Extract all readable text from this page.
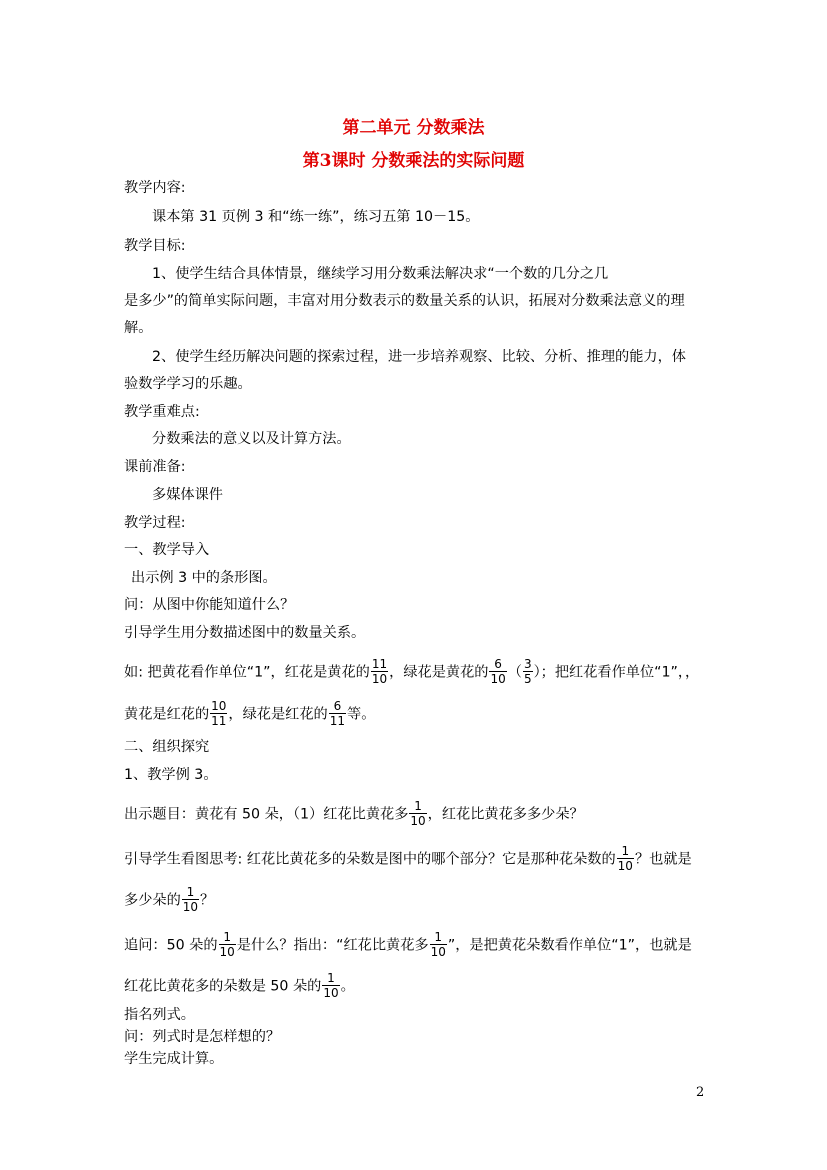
第二单元 分数乘法
第3课时 分数乘法的实际问题
教学内容:
课本第 31 页例 3 和“练一练”，练习五第 10－15。
教学目标:
1、使学生结合具体情景，继续学习用分数乘法解决求“一个数的几分之几
是多少”的简单实际问题，丰富对用分数表示的数量关系的认识，拓展对分数乘法意义的理
解。
2、使学生经历解决问题的探索过程，进一步培养观察、比较、分析、推理的能力，体
验数学学习的乐趣。
教学重难点:
分数乘法的意义以及计算方法。
课前准备:
多媒体课件
教学过程:
一、教学导入
出示例 3 中的条形图。
问：从图中你能知道什么？
引导学生用分数描述图中的数量关系。
如: 把黄花看作单位“1”，红花是黄花的 $\frac{11}{10}$ ，绿花是黄花的 $\frac{6}{10}$ （ $\frac{3}{5}$ ）；把红花看作单位“1”，，
黄花是红花的 $\frac{10}{11}$ ，绿花是红花的 $\frac{6}{11}$ 等。
二、组织探究
1、教学例 3。
出示题目：黄花有 50 朵，（1）红花比黄花多 $\frac{1}{10}$ ，红花比黄花多多少朵？
引导学生看图思考: 红花比黄花多的朵数是图中的哪个部分？它是那种花朵数的 $\frac{1}{10}$ ？也就是
多少朵的 $\frac{1}{10}$ ？
追问：50 朵的 $\frac{1}{10}$ 是什么？指出：“红花比黄花多 $\frac{1}{10}$ ”，是把黄花朵数看作单位“1”，也就是
红花比黄花多的朵数是 50 朵的 $\frac{1}{10}$ 。
指名列式。
问：列式时是怎样想的？
学生完成计算。
2
